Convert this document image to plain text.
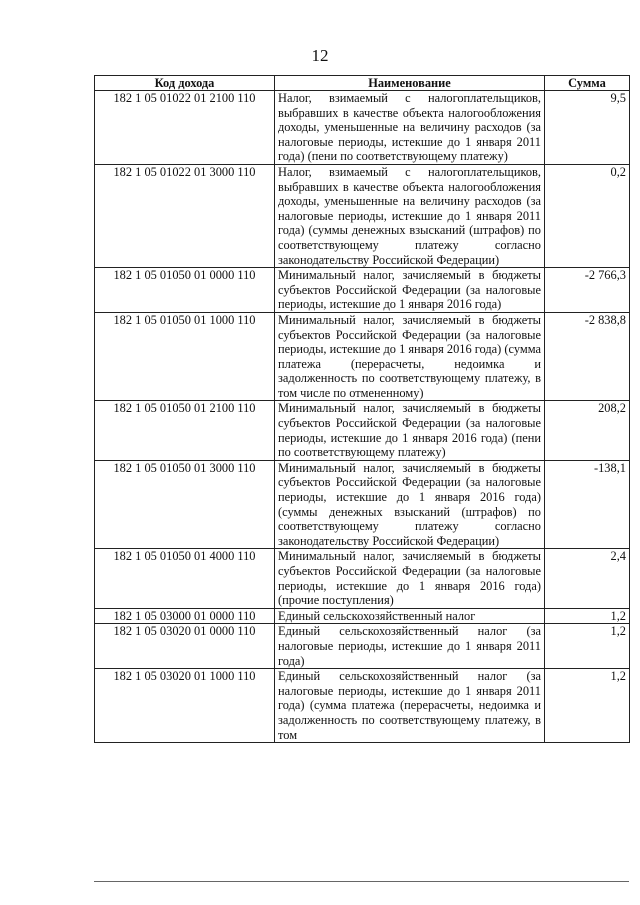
12
Код дохода	Наименование	Сумма
182 1 05 01022 01 2100 110	Налог, взимаемый с налогоплательщиков, выбравших в качестве объекта налогообложения доходы, уменьшенные на величину расходов (за налоговые периоды, истекшие до 1 января 2011 года) (пени по соответствующему платежу)	9,5
182 1 05 01022 01 3000 110	Налог, взимаемый с налогоплательщиков, выбравших в качестве объекта налогообложения доходы, уменьшенные на величину расходов (за налоговые периоды, истекшие до 1 января 2011 года) (суммы денежных взысканий (штрафов) по соответствующему платежу согласно законодательству Российской Федерации)	0,2
182 1 05 01050 01 0000 110	Минимальный налог, зачисляемый в бюджеты субъектов Российской Федерации (за налоговые периоды, истекшие до 1 января 2016 года)	-2 766,3
182 1 05 01050 01 1000 110	Минимальный налог, зачисляемый в бюджеты субъектов Российской Федерации (за налоговые периоды, истекшие до 1 января 2016 года) (сумма платежа (перерасчеты, недоимка и задолженность по соответствующему платежу, в том числе по отмененному)	-2 838,8
182 1 05 01050 01 2100 110	Минимальный налог, зачисляемый в бюджеты субъектов Российской Федерации (за налоговые периоды, истекшие до 1 января 2016 года) (пени по соответствующему платежу)	208,2
182 1 05 01050 01 3000 110	Минимальный налог, зачисляемый в бюджеты субъектов Российской Федерации (за налоговые периоды, истекшие до 1 января 2016 года) (суммы денежных взысканий (штрафов) по соответствующему платежу согласно законодательству Российской Федерации)	-138,1
182 1 05 01050 01 4000 110	Минимальный налог, зачисляемый в бюджеты субъектов Российской Федерации (за налоговые периоды, истекшие до 1 января 2016 года) (прочие поступления)	2,4
182 1 05 03000 01 0000 110	Единый сельскохозяйственный налог	1,2
182 1 05 03020 01 0000 110	Единый сельскохозяйственный налог (за налоговые периоды, истекшие до 1 января 2011 года)	1,2
182 1 05 03020 01 1000 110	Единый сельскохозяйственный налог (за налоговые периоды, истекшие до 1 января 2011 года) (сумма платежа (перерасчеты, недоимка и задолженность по соответствующему платежу, в том	1,2
